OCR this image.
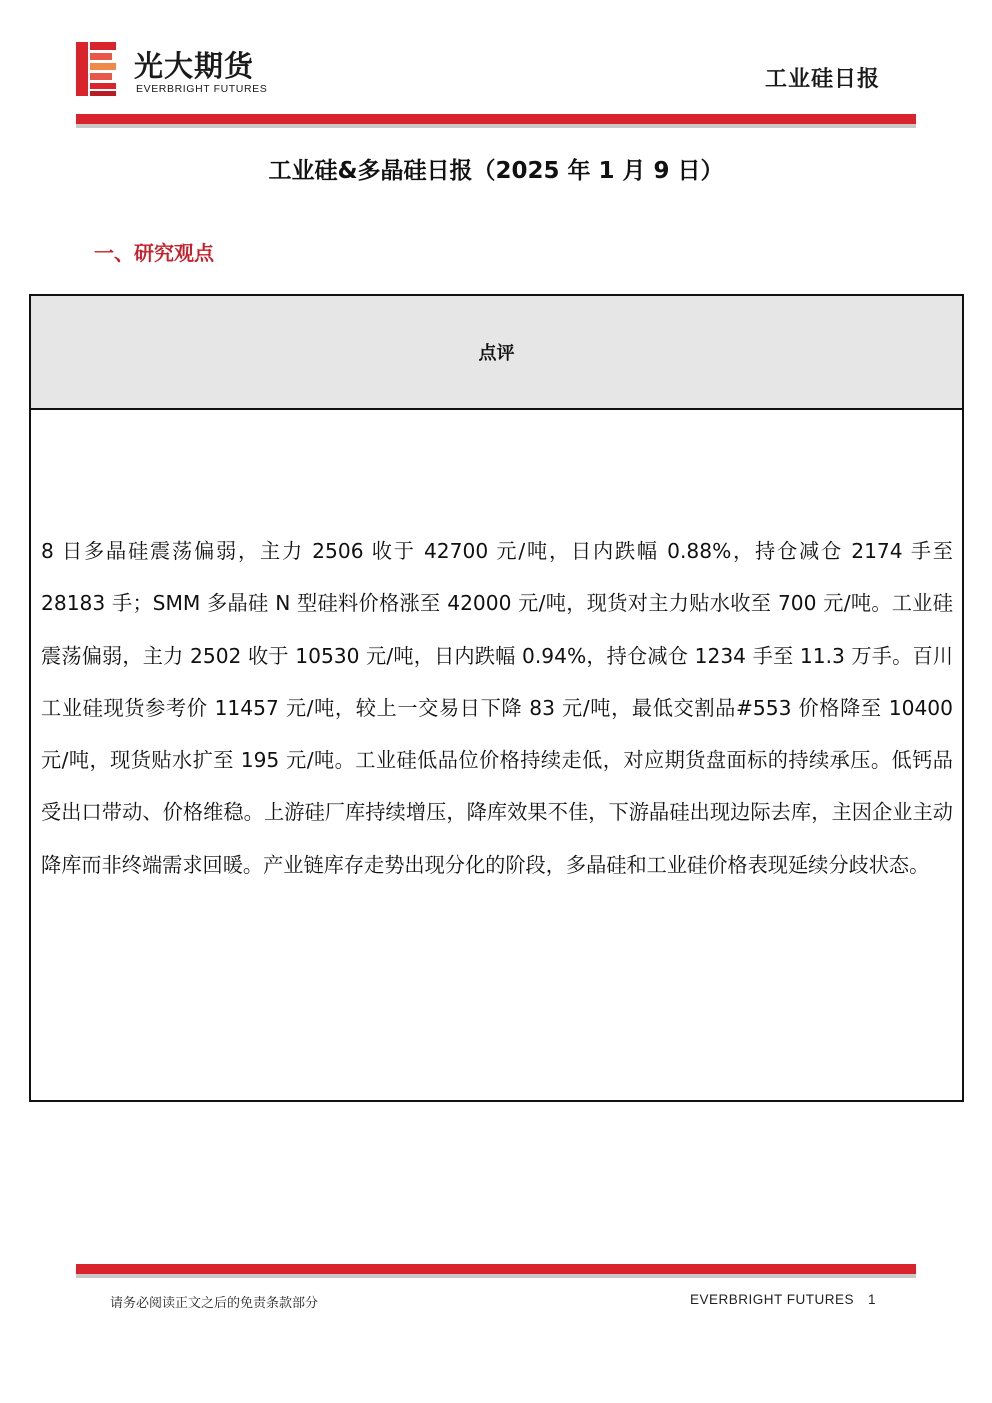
光大期货
EVERBRIGHT FUTURES	工业硅日报
工业硅&多晶硅日报（2025 年 1 月 9 日）
一、研究观点
点评
8 日多晶硅震荡偏弱，主力 2506 收于 42700 元/吨，日内跌幅 0.88%，持仓减仓 2174 手至 28183 手；SMM 多晶硅 N 型硅料价格涨至 42000 元/吨，现货对主力贴水收至 700 元/吨。工业硅震荡偏弱，主力 2502 收于 10530 元/吨，日内跌幅 0.94%，持仓减仓 1234 手至 11.3 万手。百川工业硅现货参考价 11457 元/吨，较上一交易日下降 83 元/吨，最低交割品#553 价格降至 10400 元/吨，现货贴水扩至 195 元/吨。工业硅低品位价格持续走低，对应期货盘面标的持续承压。低钙品受出口带动、价格维稳。上游硅厂库持续增压，降库效果不佳，下游晶硅出现边际去库，主因企业主动降库而非终端需求回暖。产业链库存走势出现分化的阶段，多晶硅和工业硅价格表现延续分歧状态。
请务必阅读正文之后的免责条款部分	EVERBRIGHT FUTURES 1
